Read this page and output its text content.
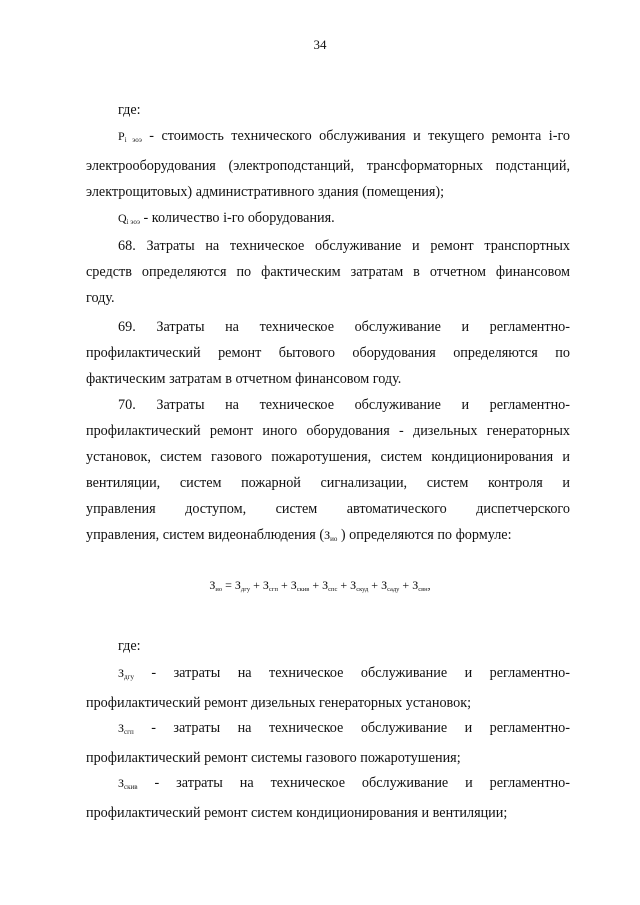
34
где:
$P_{i эоэ}$ - стоимость технического обслуживания и текущего ремонта i-го
электрооборудования (электроподстанций, трансформаторных подстанций,
электрощитовых) административного здания (помещения);
$Q_{i эоэ}$ - количество i-го оборудования.
68. Затраты на техническое обслуживание и ремонт транспортных
средств определяются по фактическим затратам в отчетном финансовом
году.
69. Затраты на техническое обслуживание и регламентно-
профилактический ремонт бытового оборудования определяются по
фактическим затратам в отчетном финансовом году.
70. Затраты на техническое обслуживание и регламентно-
профилактический ремонт иного оборудования - дизельных генераторных
установок, систем газового пожаротушения, систем кондиционирования и
вентиляции, систем пожарной сигнализации, систем контроля и
управления доступом, систем автоматического диспетчерского
управления, систем видеонаблюдения ($З_{ио}$ ) определяются по формуле:
$З_{ио} = З_{дгу} + З_{сгп} + З_{скив} + З_{спс} + З_{скуд} + З_{сaду} + З_{свн}$,
где:
$З_{дгу}$ - затраты на техническое обслуживание и регламентно-
профилактический ремонт дизельных генераторных установок;
$З_{сгп}$ - затраты на техническое обслуживание и регламентно-
профилактический ремонт системы газового пожаротушения;
$З_{скив}$ - затраты на техническое обслуживание и регламентно-
профилактический ремонт систем кондиционирования и вентиляции;
